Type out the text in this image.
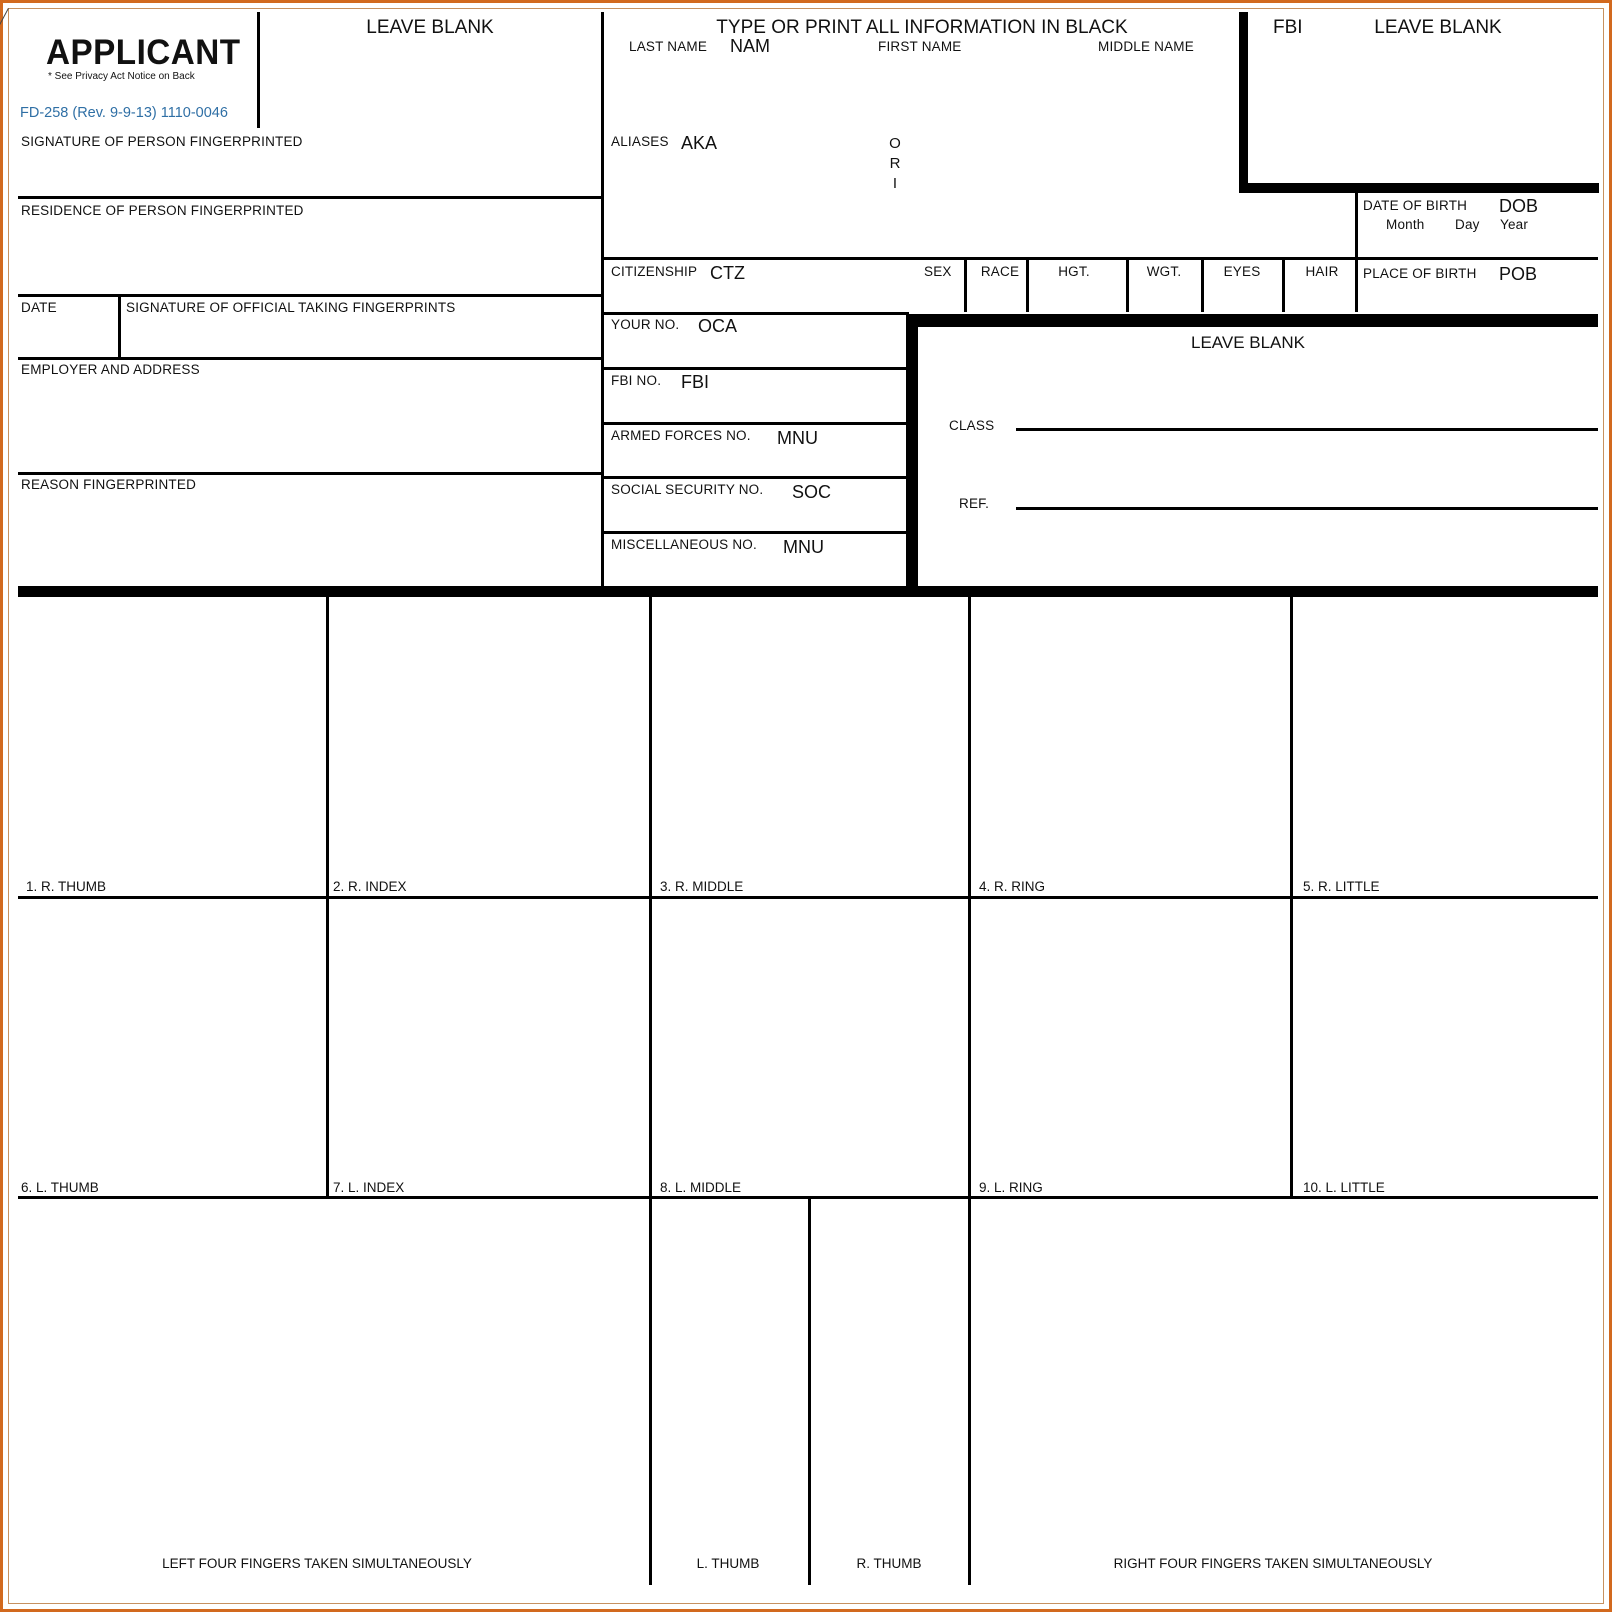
APPLICANT
* See Privacy Act Notice on Back
FD-258 (Rev. 9-9-13) 1110-0046
LEAVE BLANK
SIGNATURE OF PERSON FINGERPRINTED
RESIDENCE OF PERSON FINGERPRINTED
DATE	SIGNATURE OF OFFICIAL TAKING FINGERPRINTS
EMPLOYER AND ADDRESS
REASON FINGERPRINTED
TYPE OR PRINT ALL INFORMATION IN BLACK
LAST NAME NAM	FIRST NAME	MIDDLE NAME
ALIASES AKA	O R I
FBI	LEAVE BLANK
DATE OF BIRTH DOB
Month Day Year
CITIZENSHIP CTZ	SEX RACE	HGT.	WGT.	EYES	HAIR PLACE OF BIRTH POB
YOUR NO. OCA
FBI NO. FBI
ARMED FORCES NO. MNU
SOCIAL SECURITY NO. SOC
MISCELLANEOUS NO. MNU
LEAVE BLANK
CLASS
REF.
1. R. THUMB	2. R. INDEX	3. R. MIDDLE	4. R. RING	5. R. LITTLE
6. L. THUMB	7. L. INDEX	8. L. MIDDLE	9. L. RING	10. L. LITTLE
LEFT FOUR FINGERS TAKEN SIMULTANEOUSLY	L. THUMB	R. THUMB	RIGHT FOUR FINGERS TAKEN SIMULTANEOUSLY
